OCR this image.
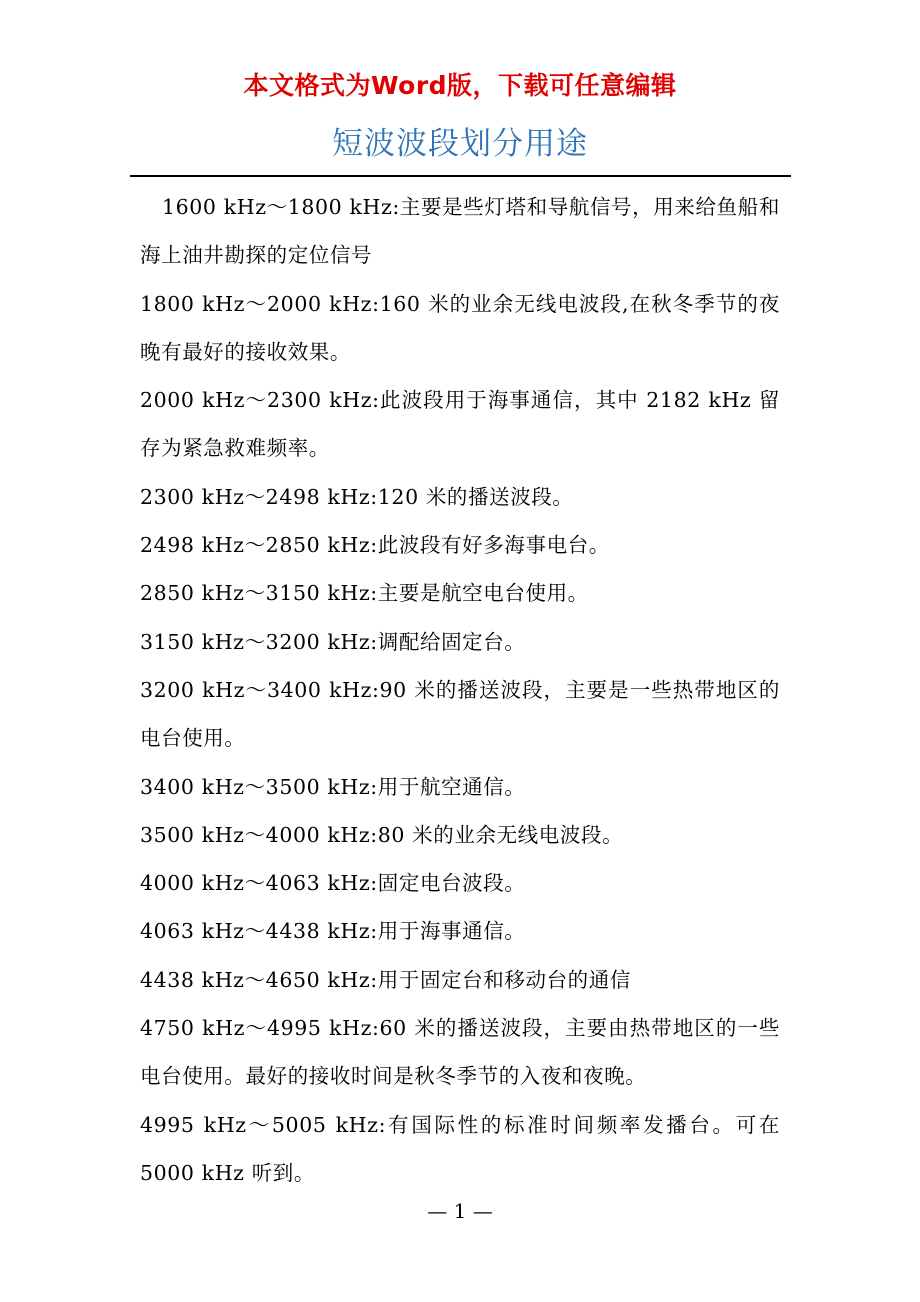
本文格式为Word版，下载可任意编辑
短波波段划分用途

1600 kHz～1800 kHz:主要是些灯塔和导航信号，用来给鱼船和海上油井勘探的定位信号

1800 kHz～2000 kHz:160 米的业余无线电波段,在秋冬季节的夜晚有最好的接收效果。

2000 kHz～2300 kHz:此波段用于海事通信，其中 2182 kHz 留存为紧急救难频率。

2300 kHz～2498 kHz:120 米的播送波段。

2498 kHz～2850 kHz:此波段有好多海事电台。

2850 kHz～3150 kHz:主要是航空电台使用。

3150 kHz～3200 kHz:调配给固定台。

3200 kHz～3400 kHz:90 米的播送波段，主要是一些热带地区的电台使用。

3400 kHz～3500 kHz:用于航空通信。

3500 kHz～4000 kHz:80 米的业余无线电波段。

4000 kHz～4063 kHz:固定电台波段。

4063 kHz～4438 kHz:用于海事通信。

4438 kHz～4650 kHz:用于固定台和移动台的通信

4750 kHz～4995 kHz:60 米的播送波段，主要由热带地区的一些电台使用。最好的接收时间是秋冬季节的入夜和夜晚。

4995 kHz～5005 kHz:有国际性的标准时间频率发播台。可在5000 kHz 听到。

— 1 —
